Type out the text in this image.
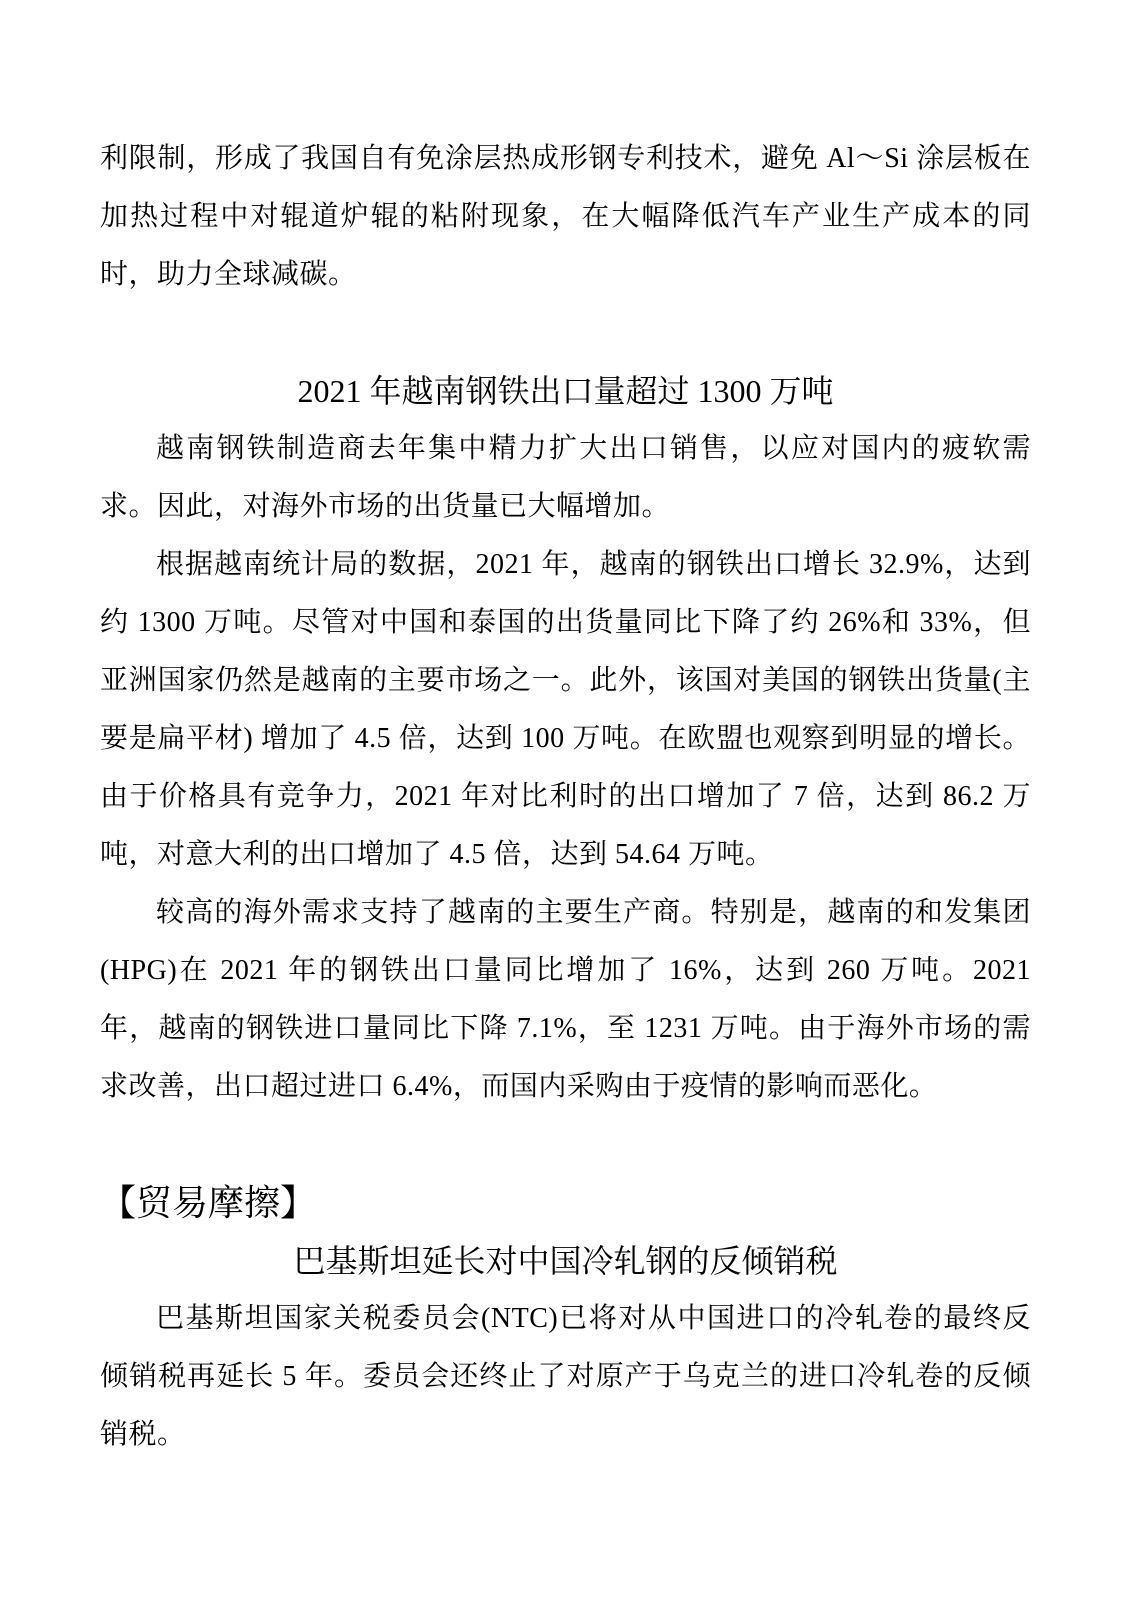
利限制，形成了我国自有免涂层热成形钢专利技术，避免 Al～Si 涂层板在加热过程中对辊道炉辊的粘附现象，在大幅降低汽车产业生产成本的同时，助力全球减碳。

2021 年越南钢铁出口量超过 1300 万吨

越南钢铁制造商去年集中精力扩大出口销售，以应对国内的疲软需求。因此，对海外市场的出货量已大幅增加。

根据越南统计局的数据，2021 年，越南的钢铁出口增长 32.9%，达到约 1300 万吨。尽管对中国和泰国的出货量同比下降了约 26%和 33%，但亚洲国家仍然是越南的主要市场之一。此外，该国对美国的钢铁出货量(主要是扁平材) 增加了 4.5 倍，达到 100 万吨。在欧盟也观察到明显的增长。由于价格具有竞争力，2021 年对比利时的出口增加了 7 倍，达到 86.2 万吨，对意大利的出口增加了 4.5 倍，达到 54.64 万吨。

较高的海外需求支持了越南的主要生产商。特别是，越南的和发集团(HPG)在 2021 年的钢铁出口量同比增加了 16%，达到 260 万吨。2021 年，越南的钢铁进口量同比下降 7.1%，至 1231 万吨。由于海外市场的需 求改善，出口超过进口 6.4%，而国内采购由于疫情的影响而恶化。

【贸易摩擦】
巴基斯坦延长对中国冷轧钢的反倾销税

巴基斯坦国家关税委员会(NTC)已将对从中国进口的冷轧卷的最终反倾销税再延长 5 年。委员会还终止了对原产于乌克兰的进口冷轧卷的反倾销税。
